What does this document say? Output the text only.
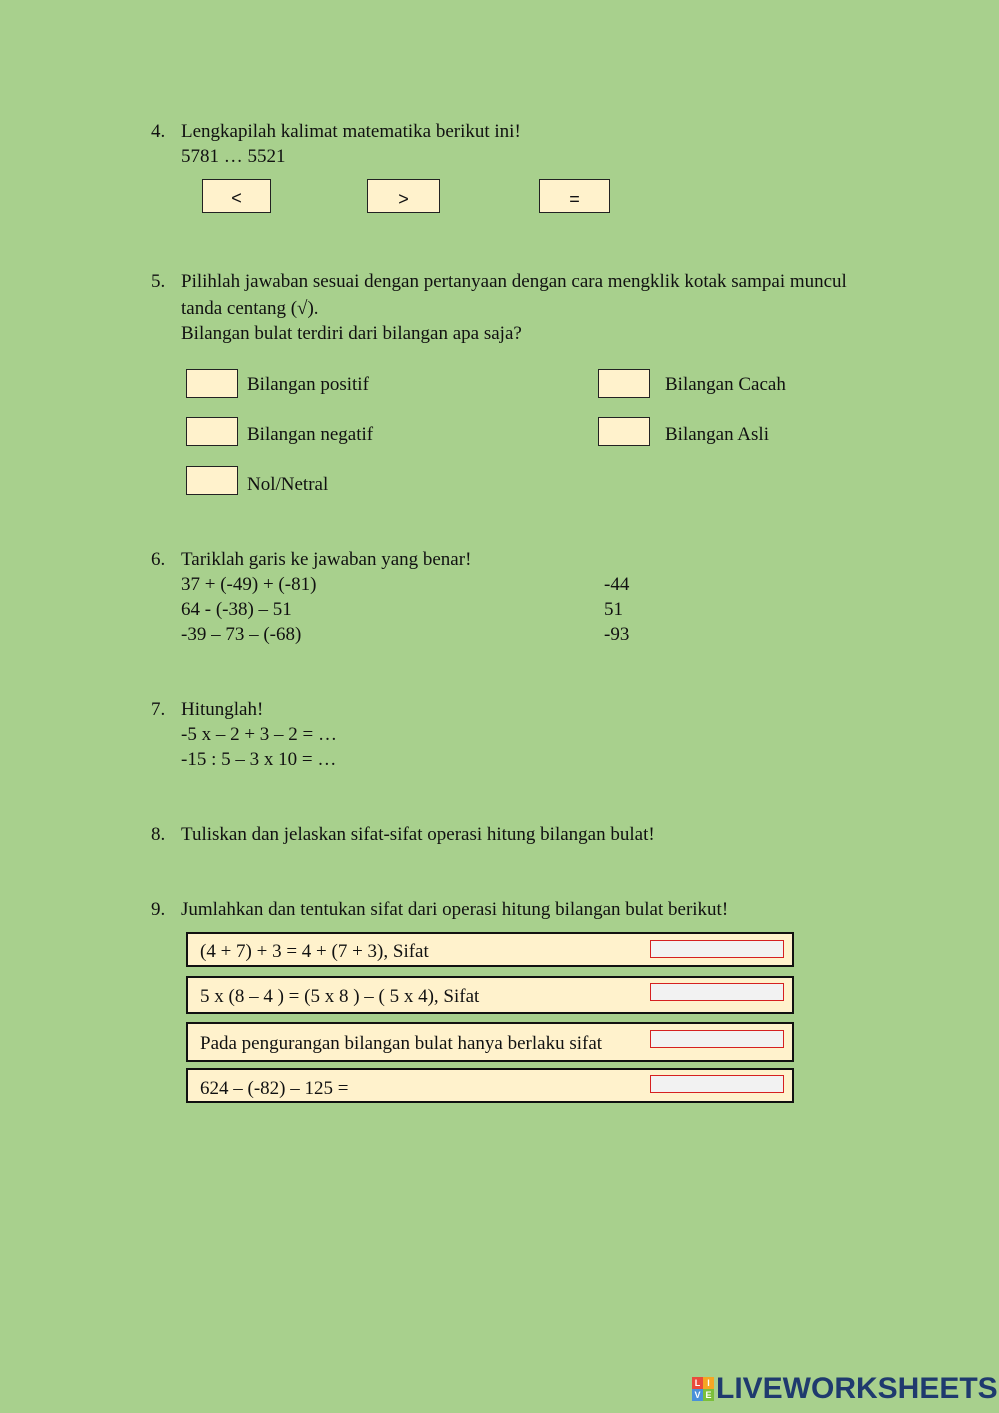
4. Lengkapilah kalimat matematika berikut ini!
5781 … 5521
<	>	=
5. Pilihlah jawaban sesuai dengan pertanyaan dengan cara mengklik kotak sampai muncul
tanda centang (√).
Bilangan bulat terdiri dari bilangan apa saja?
Bilangan positif
Bilangan negatif
Nol/Netral
Bilangan Cacah
Bilangan Asli
6. Tariklah garis ke jawaban yang benar!
37 + (-49) + (-81)
64 - (-38) – 51
-39 – 73 – (-68)
-44
51
-93
7. Hitunglah!
-5 x – 2 + 3 – 2 = …
-15 : 5 – 3 x 10 = …
8. Tuliskan dan jelaskan sifat-sifat operasi hitung bilangan bulat!
9. Jumlahkan dan tentukan sifat dari operasi hitung bilangan bulat berikut!
(4 + 7) + 3 = 4 + (7 + 3), Sifat
5 x (8 – 4 ) = (5 x 8 ) – ( 5 x 4), Sifat
Pada pengurangan bilangan bulat hanya berlaku sifat
624 – (-82) – 125 =
L I
V E LIVEWORKSHEETS
